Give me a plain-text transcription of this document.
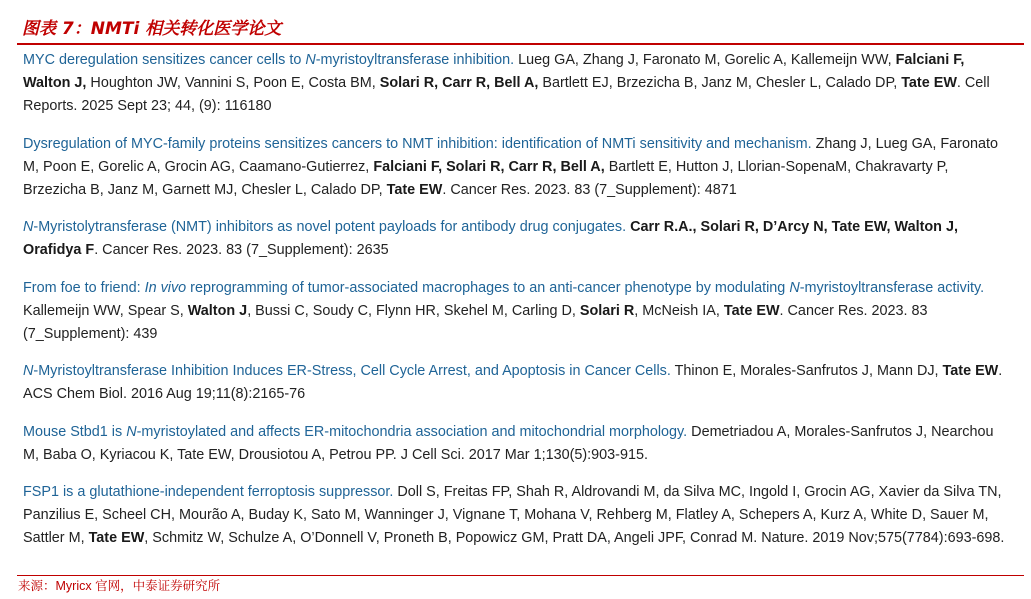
图表 7：NMTi 相关转化医学论文
MYC deregulation sensitizes cancer cells to N-myristoyltransferase inhibition. Lueg GA, Zhang J, Faronato M, Gorelic A, Kallemeijn WW, Falciani F, Walton J, Houghton JW, Vannini S, Poon E, Costa BM, Solari R, Carr R, Bell A, Bartlett EJ, Brzezicha B, Janz M, Chesler L, Calado DP, Tate EW. Cell Reports. 2025 Sept 23; 44, (9): 116180
Dysregulation of MYC-family proteins sensitizes cancers to NMT inhibition: identification of NMTi sensitivity and mechanism. Zhang J, Lueg GA, Faronato M, Poon E, Gorelic A, Grocin AG, Caamano-Gutierrez, Falciani F, Solari R, Carr R, Bell A, Bartlett E, Hutton J, Llorian-SopenaM, Chakravarty P, Brzezicha B, Janz M, Garnett MJ, Chesler L, Calado DP, Tate EW. Cancer Res. 2023. 83 (7_Supplement): 4871
N-Myristolytransferase (NMT) inhibitors as novel potent payloads for antibody drug conjugates. Carr R.A., Solari R, D’Arcy N, Tate EW, Walton J, Orafidya F. Cancer Res. 2023. 83 (7_Supplement): 2635
From foe to friend: In vivo reprogramming of tumor-associated macrophages to an anti-cancer phenotype by modulating N-myristoyltransferase activity. Kallemeijn WW, Spear S, Walton J, Bussi C, Soudy C, Flynn HR, Skehel M, Carling D, Solari R, McNeish IA, Tate EW. Cancer Res. 2023. 83 (7_Supplement): 439
N-Myristoyltransferase Inhibition Induces ER-Stress, Cell Cycle Arrest, and Apoptosis in Cancer Cells. Thinon E, Morales-Sanfrutos J, Mann DJ, Tate EW. ACS Chem Biol. 2016 Aug 19;11(8):2165-76
Mouse Stbd1 is N-myristoylated and affects ER-mitochondria association and mitochondrial morphology. Demetriadou A, Morales-Sanfrutos J, Nearchou M, Baba O, Kyriacou K, Tate EW, Drousiotou A, Petrou PP. J Cell Sci. 2017 Mar 1;130(5):903-915.
FSP1 is a glutathione-independent ferroptosis suppressor. Doll S, Freitas FP, Shah R, Aldrovandi M, da Silva MC, Ingold I, Grocin AG, Xavier da Silva TN, Panzilius E, Scheel CH, Mourão A, Buday K, Sato M, Wanninger J, Vignane T, Mohana V, Rehberg M, Flatley A, Schepers A, Kurz A, White D, Sauer M, Sattler M, Tate EW, Schmitz W, Schulze A, O’Donnell V, Proneth B, Popowicz GM, Pratt DA, Angeli JPF, Conrad M. Nature. 2019 Nov;575(7784):693-698.
来源：Myricx 官网，中泰证券研究所
